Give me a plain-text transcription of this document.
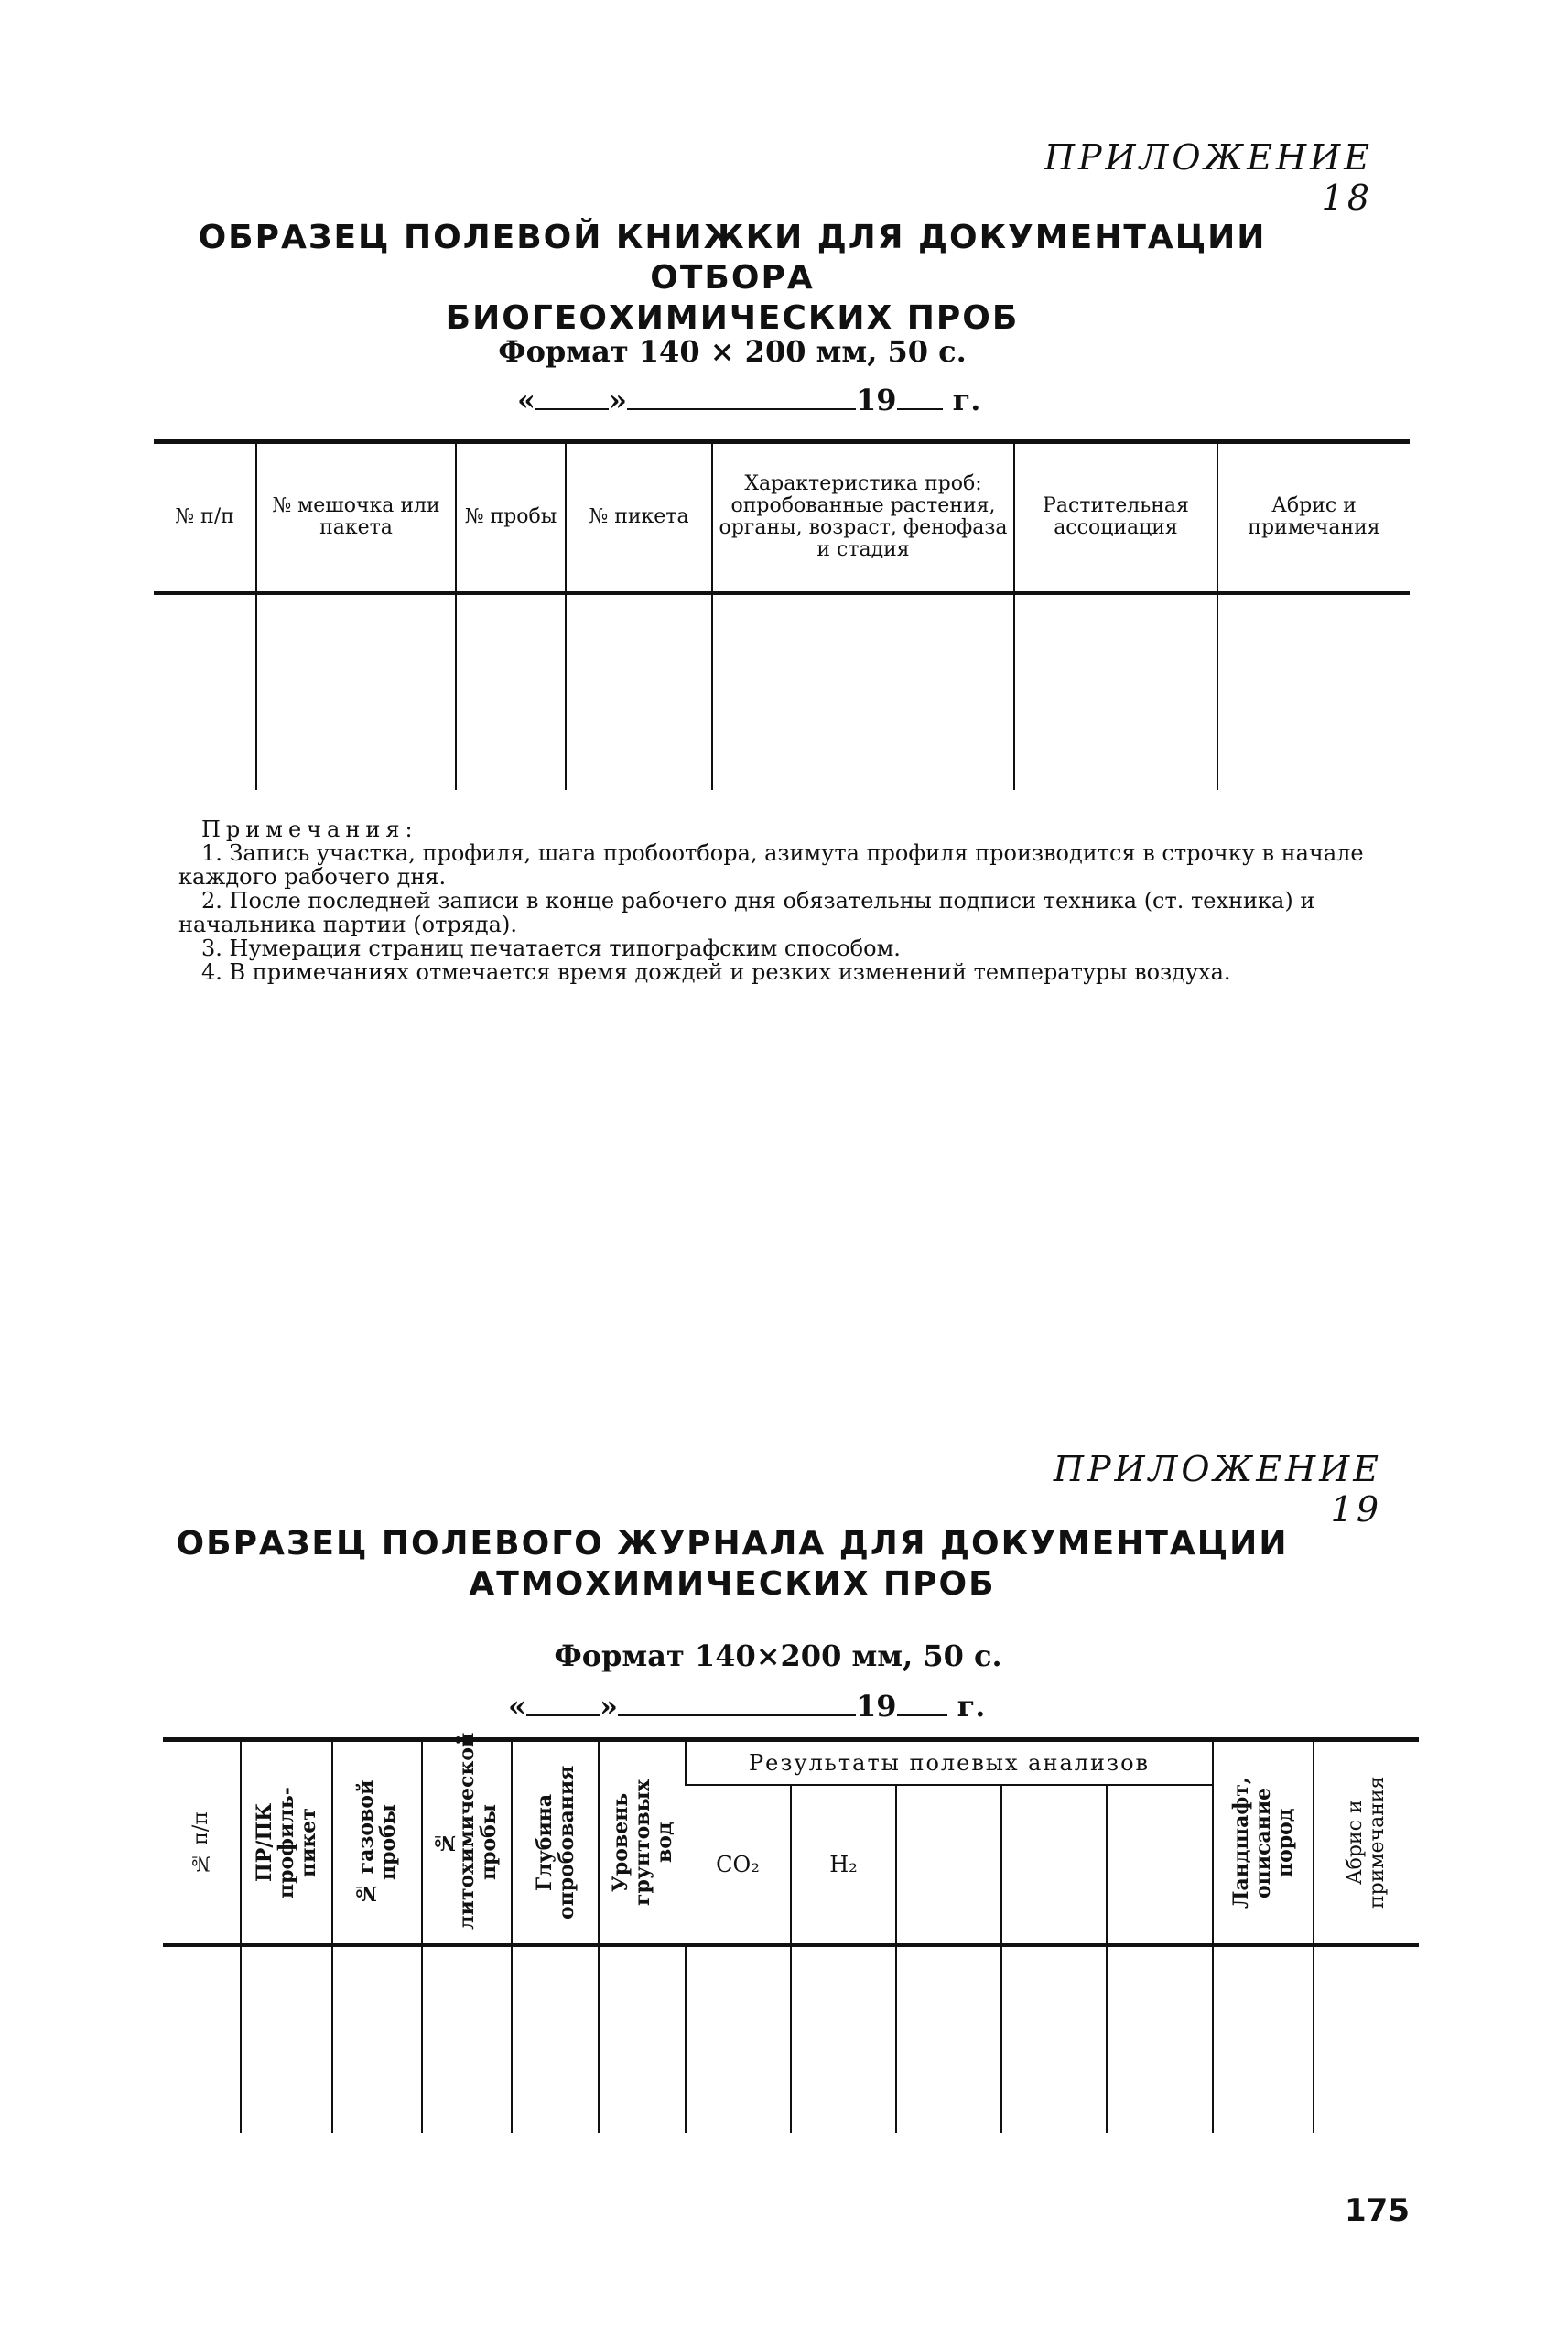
ПРИЛОЖЕНИЕ 18
ОБРАЗЕЦ ПОЛЕВОЙ КНИЖКИ ДЛЯ ДОКУМЕНТАЦИИ ОТБОРА
БИОГЕОХИМИЧЕСКИХ ПРОБ
Формат 140 × 200 мм, 50 с.
«	»	19 г.
№ п/п	№ мешочка или пакета	№ пробы	№ пикета	Характеристика проб: опробованные растения, органы, возраст, фенофаза и стадия	Растительная ассоциация	Абрис и примечания

Примечания:

1. Запись участка, профиля, шага пробоотбора, азимута профиля производится в строчку в начале каждого рабочего дня.

2. После последней записи в конце рабочего дня обязательны подписи техника (ст. техника) и начальника партии (отряда).

3. Нумерация страниц печатается типографским способом.

4. В примечаниях отмечается время дождей и резких изменений температуры воздуха.

ПРИЛОЖЕНИЕ 19
ОБРАЗЕЦ ПОЛЕВОГО ЖУРНАЛА ДЛЯ ДОКУМЕНТАЦИИ
АТМОХИМИЧЕСКИХ ПРОБ
Формат 140×200 мм, 50 с.
«	»	19 г.
№ п/п	ПР/ПК профиль-пикет	№ газовой пробы	№ литохимической пробы	Глубина опробования	Уровень грунтовых вод	Результаты полевых анализов					Ландшафт, описание пород	Абрис и примечания

						CO₂	H₂					

175
